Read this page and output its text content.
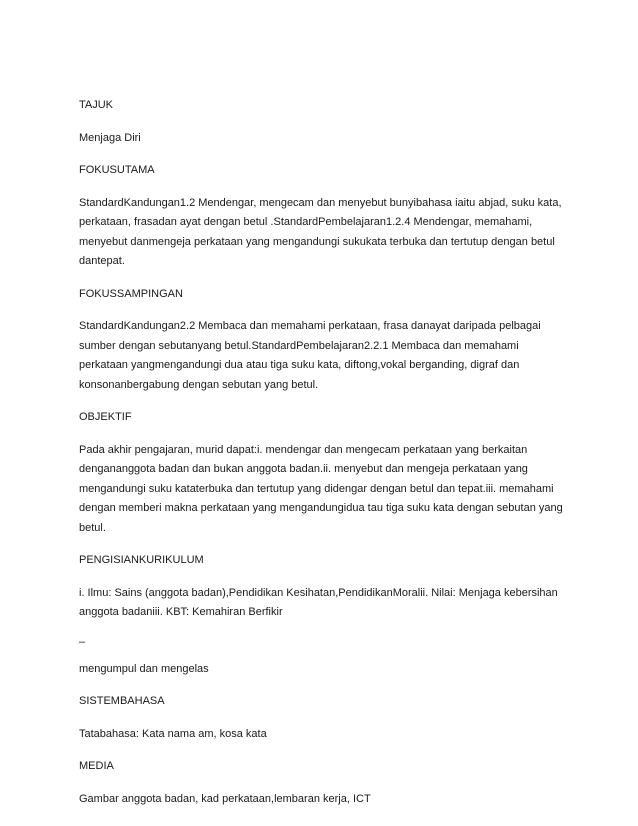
TAJUK

Menjaga Diri

FOKUSUTAMA

StandardKandungan1.2 Mendengar, mengecam dan menyebut bunyibahasa iaitu abjad, suku kata, perkataan, frasadan ayat dengan betul .StandardPembelajaran1.2.4 Mendengar, memahami, menyebut danmengeja perkataan yang mengandungi sukukata terbuka dan tertutup dengan betul dantepat.

FOKUSSAMPINGAN

StandardKandungan2.2 Membaca dan memahami perkataan, frasa danayat daripada pelbagai sumber dengan sebutanyang betul.StandardPembelajaran2.2.1 Membaca dan memahami perkataan yangmengandungi dua atau tiga suku kata, diftong,vokal berganding, digraf dan konsonanbergabung dengan sebutan yang betul.

OBJEKTIF

Pada akhir pengajaran, murid dapat:i. mendengar dan mengecam perkataan yang berkaitan dengananggota badan dan bukan anggota badan.ii. menyebut dan mengeja perkataan yang mengandungi suku kataterbuka dan tertutup yang didengar dengan betul dan tepat.iii. memahami dengan memberi makna perkataan yang mengandungidua tau tiga suku kata dengan sebutan yang betul.

PENGISIANKURIKULUM

i. Ilmu: Sains (anggota badan),Pendidikan Kesihatan,PendidikanMoralii. Nilai: Menjaga kebersihan anggota badaniii. KBT: Kemahiran Berfikir

–

mengumpul dan mengelas

SISTEMBAHASA

Tatabahasa: Kata nama am, kosa kata

MEDIA

Gambar anggota badan, kad perkataan,lembaran kerja, ICT
